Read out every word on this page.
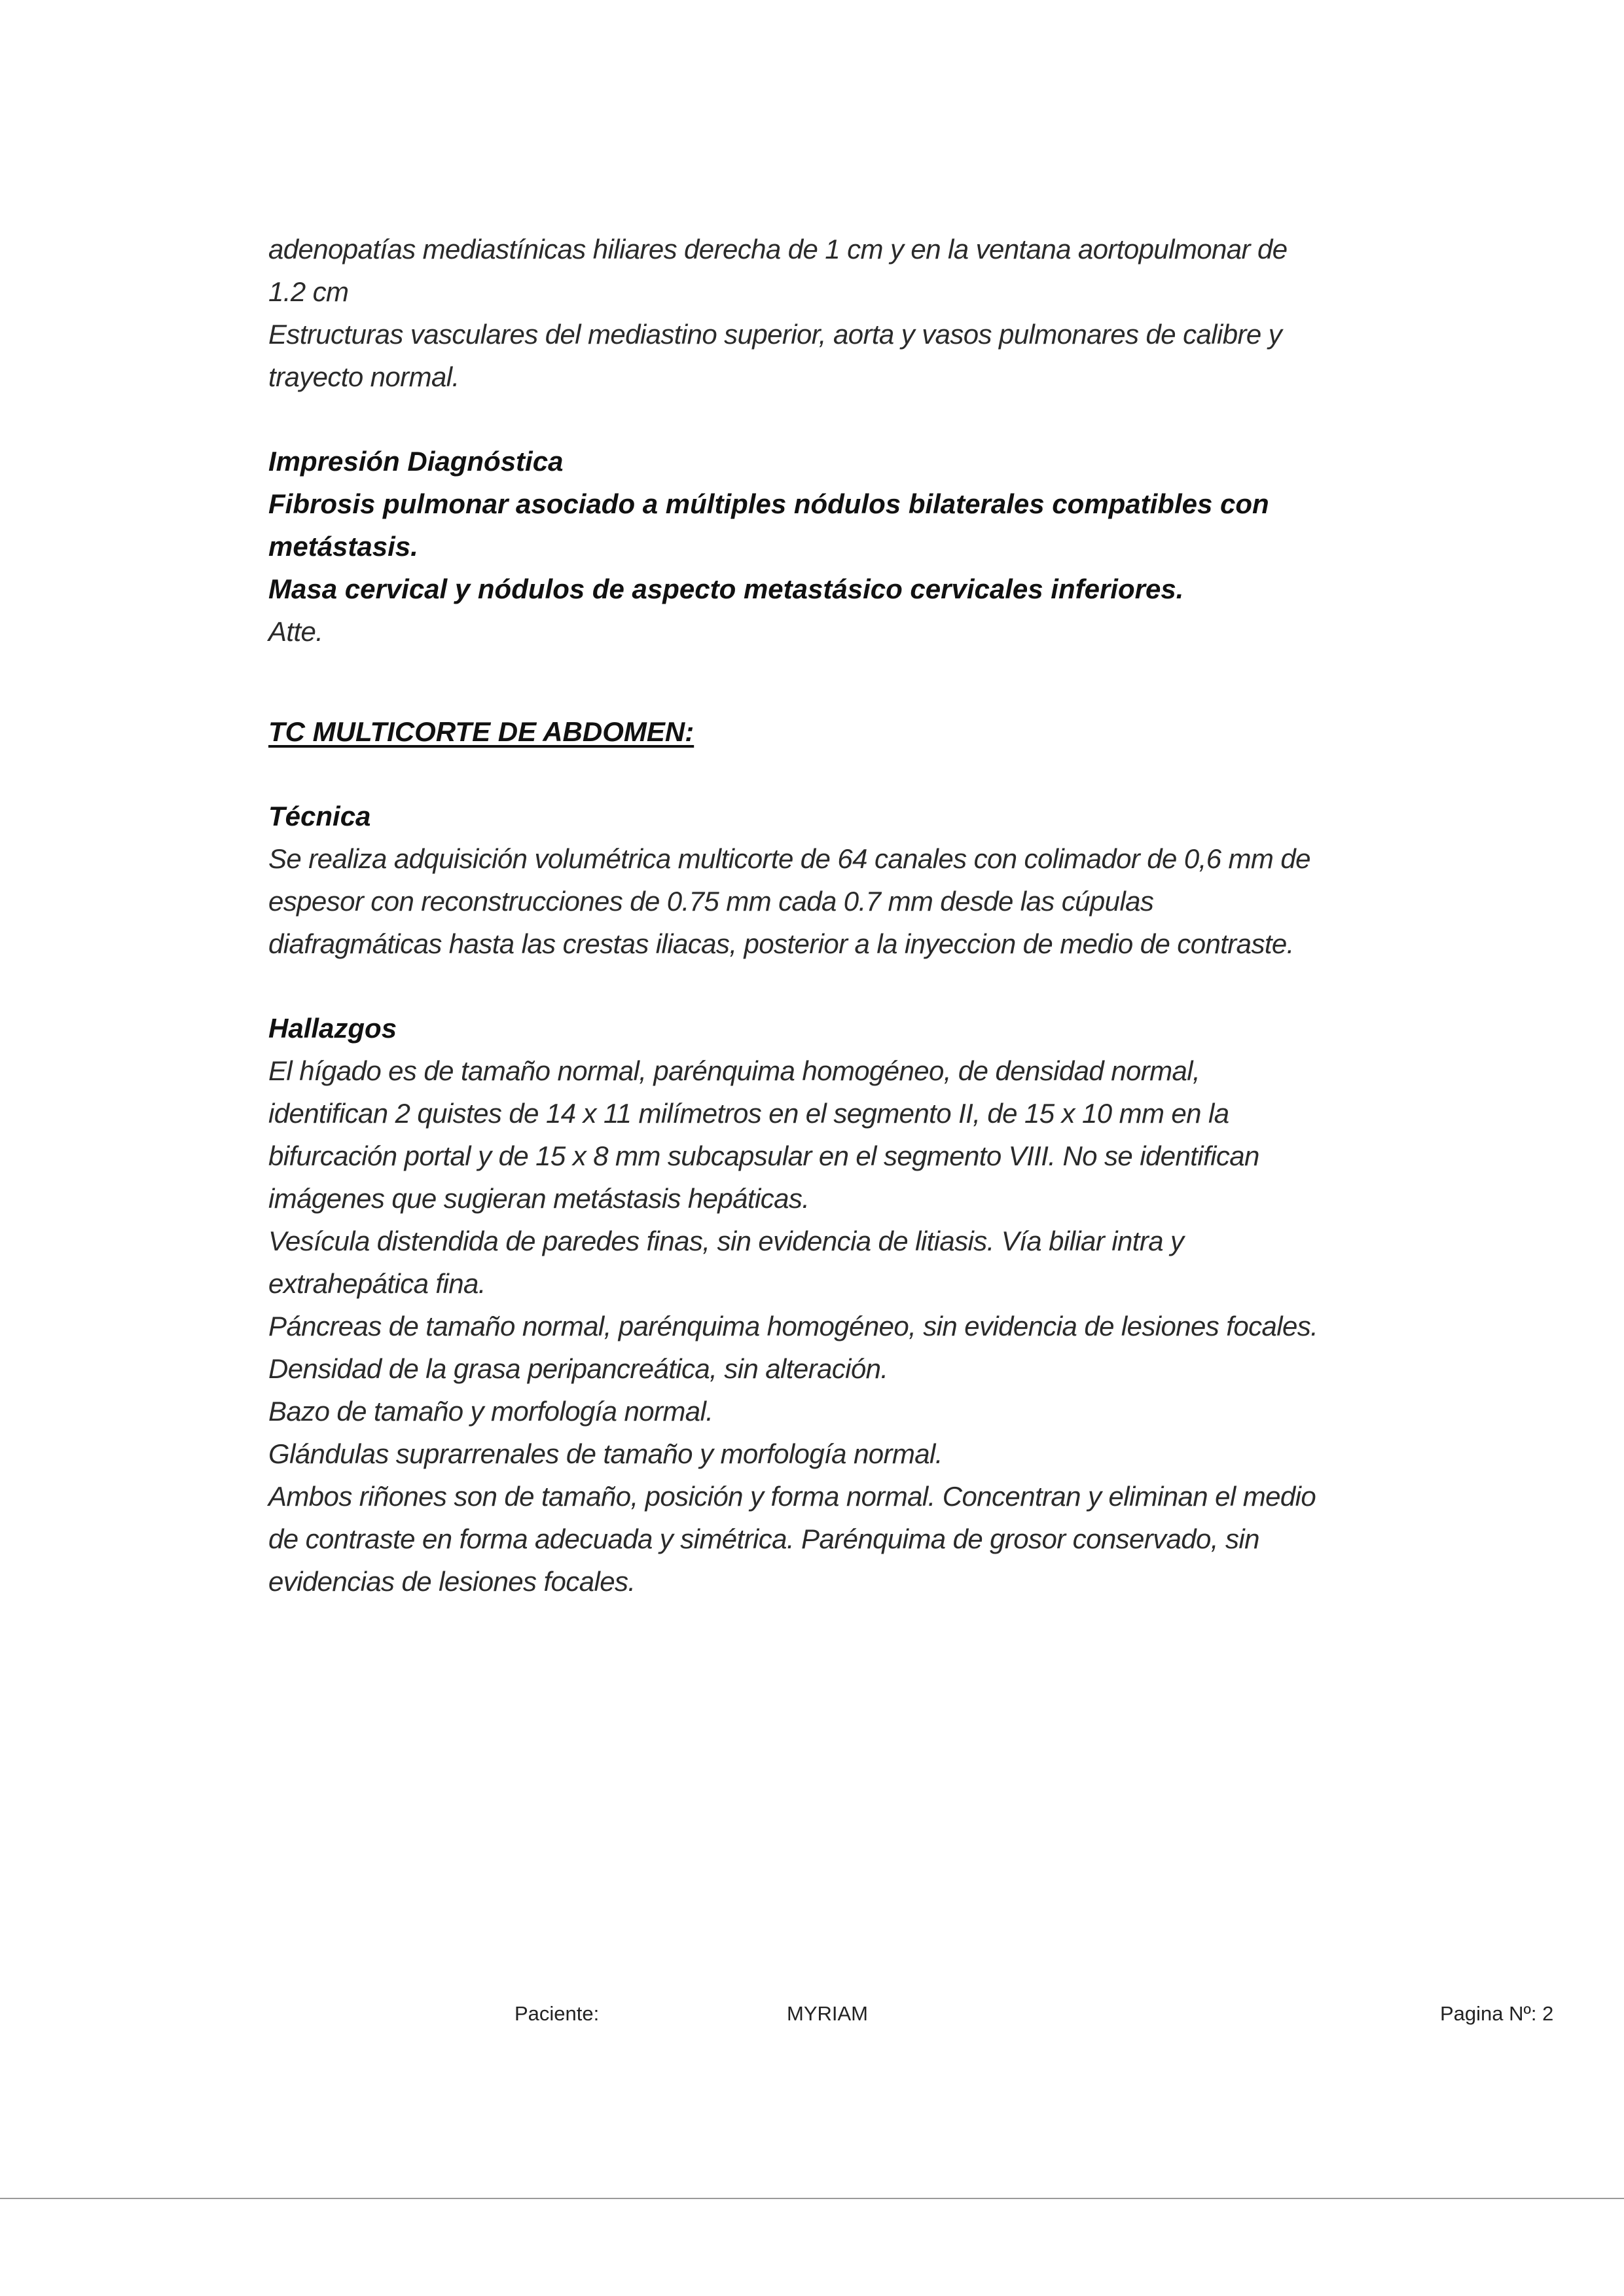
adenopatías mediastínicas hiliares derecha de 1 cm y en la ventana aortopulmonar de
1.2 cm
Estructuras vasculares del mediastino superior, aorta y vasos pulmonares de calibre y
trayecto normal.
Impresión Diagnóstica
Fibrosis pulmonar asociado a múltiples nódulos bilaterales compatibles con
metástasis.
Masa cervical y nódulos de aspecto metastásico cervicales inferiores.
Atte.
TC MULTICORTE DE ABDOMEN:
Técnica
Se realiza adquisición volumétrica multicorte de 64 canales con colimador de 0,6 mm de
espesor con reconstrucciones de 0.75 mm cada 0.7 mm desde las cúpulas
diafragmáticas hasta las crestas iliacas, posterior a la inyeccion de medio de contraste.
Hallazgos
El hígado es de tamaño normal, parénquima homogéneo, de densidad normal,
identifican 2 quistes de 14 x 11 milímetros en el segmento II, de 15 x 10 mm en la
bifurcación portal y de 15 x 8 mm subcapsular en el segmento VIII. No se identifican
imágenes que sugieran metástasis hepáticas.
Vesícula distendida de paredes finas, sin evidencia de litiasis. Vía biliar intra y
extrahepática fina.
Páncreas de tamaño normal, parénquima homogéneo, sin evidencia de lesiones focales.
Densidad de la grasa peripancreática, sin alteración.
Bazo de tamaño y morfología normal.
Glándulas suprarrenales de tamaño y morfología normal.
Ambos riñones son de tamaño, posición y forma normal. Concentran y eliminan el medio
de contraste en forma adecuada y simétrica. Parénquima de grosor conservado, sin
evidencias de lesiones focales.
Paciente:	MYRIAM	Pagina Nº: 2
